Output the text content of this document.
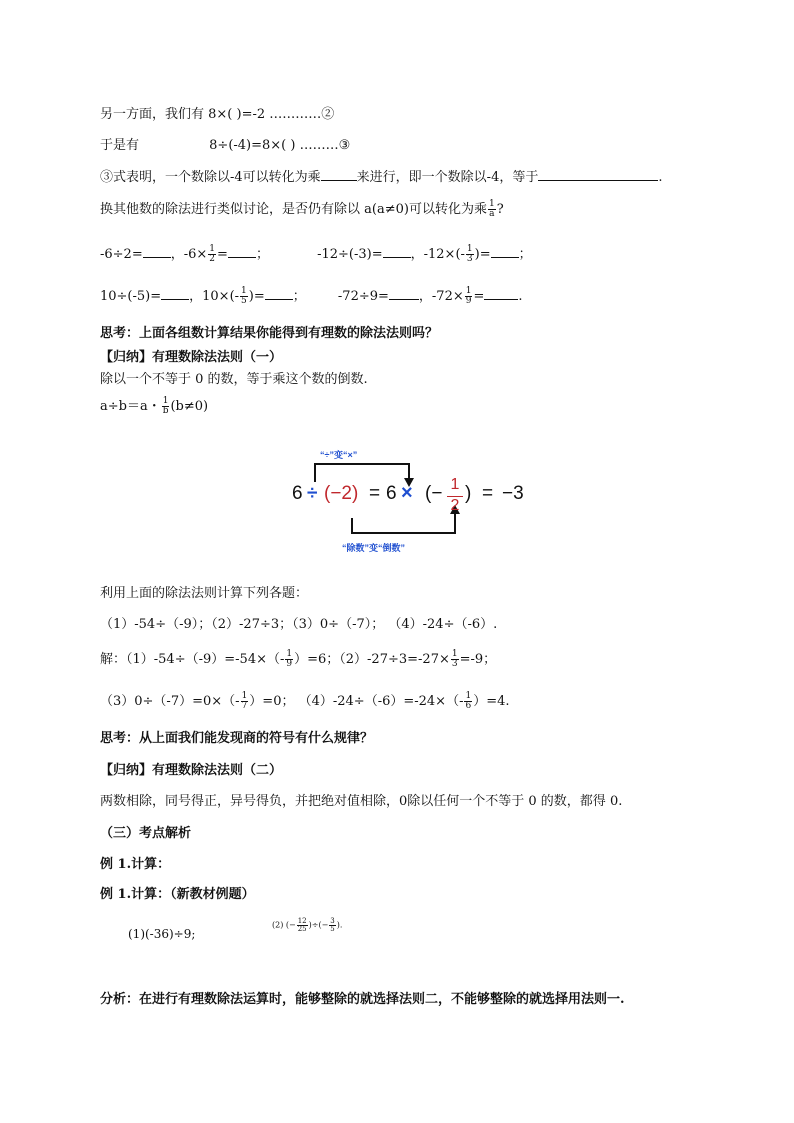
另一方面，我们有 8×( )=-2 …………②
于是有	8÷(-4)=8×( ) ………③
③式表明，一个数除以-4可以转化为乘	来进行，即一个数除以-4，等于	.
换其他数的除法进行类似讨论，是否仍有除以 a(a≠0)可以转化为乘 $\frac{1}{a}$ ?
-6÷2= ，$-6\times \frac{1}{2}$ = ；	-12÷(-3)= ，$-12\times(- \frac{1}{3}$ )= ；
10÷(-5)= ，$10\times(- \frac{1}{5}$ )= ； -72÷9= ，$-72\times \frac{1}{9}$ =	.
思考：上面各组数计算结果你能得到有理数的除法法则吗？
【归纳】有理数除法法则（一）
除以一个不等于 0 的数，等于乘这个数的倒数.
a÷b＝a・ $\frac{1}{b} (b\ne 0)$
“÷”变“×”
6 ÷ (−2) = 6 × (− 1
2
) = −3
“除数”变“倒数”
利用上面的除法法则计算下列各题：
（1）-54÷（-9）；（2）-27÷3；（3）0÷（-7）； （4）-24÷（-6）.
解：$(1)-54\div(-9)=-54\times(- \frac{1}{9} )=6$；$(2)-27\div 3=-27\times \frac{1}{3} =-9$；
$(3)0\div(-7)=0\times(- \frac{1}{7} )=0$； $(4)-24\div(-6)=-24\times(- \frac{1}{6} )=4$.
思考：从上面我们能发现商的符号有什么规律？
【归纳】有理数除法法则（二）
两数相除，同号得正，异号得负，并把绝对值相除，0除以任何一个不等于 0 的数，都得 0.
（三）考点解析
例 1.计算：
例 1.计算：（新教材例题）
(1)(-36)÷9;
(2) (− $\frac{12}{25}$ )÷(− $\frac{3}{5}$ ).
分析：在进行有理数除法运算时，能够整除的就选择法则二，不能够整除的就选择用法则一.
